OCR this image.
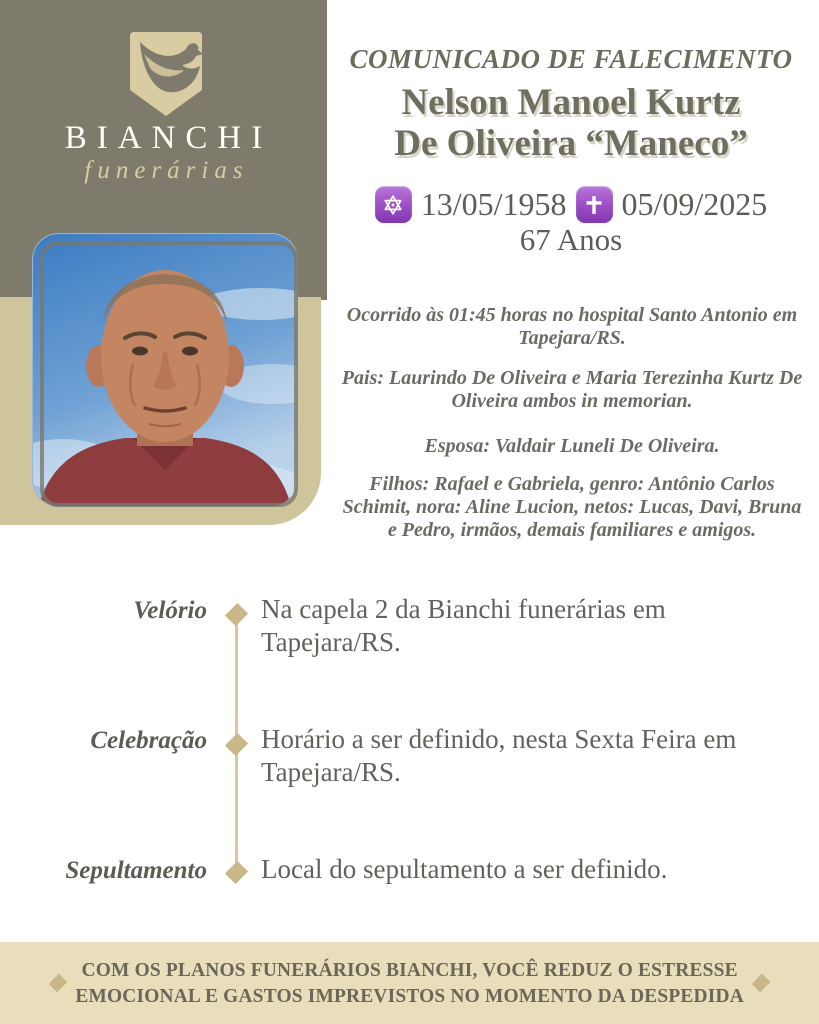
BIANCHI
funerárias
COMUNICADO DE FALECIMENTO
Nelson Manoel Kurtz
De Oliveira “Maneco”
13/05/1958 05/09/2025
67 Anos

Ocorrido às 01:45 horas no hospital Santo Antonio em Tapejara/RS.

Pais: Laurindo De Oliveira e Maria Terezinha Kurtz De Oliveira ambos in memorian.

Esposa: Valdair Luneli De Oliveira.

Filhos: Rafael e Gabriela, genro: Antônio Carlos Schimit, nora: Aline Lucion, netos: Lucas, Davi, Bruna e Pedro, irmãos, demais familiares e amigos.

Velório Na capela 2 da Bianchi funerárias em Tapejara/RS.
Celebração Horário a ser definido, nesta Sexta Feira em Tapejara/RS.
Sepultamento Local do sepultamento a ser definido.
COM OS PLANOS FUNERÁRIOS BIANCHI, VOCÊ REDUZ O ESTRESSE
EMOCIONAL E GASTOS IMPREVISTOS NO MOMENTO DA DESPEDIDA
